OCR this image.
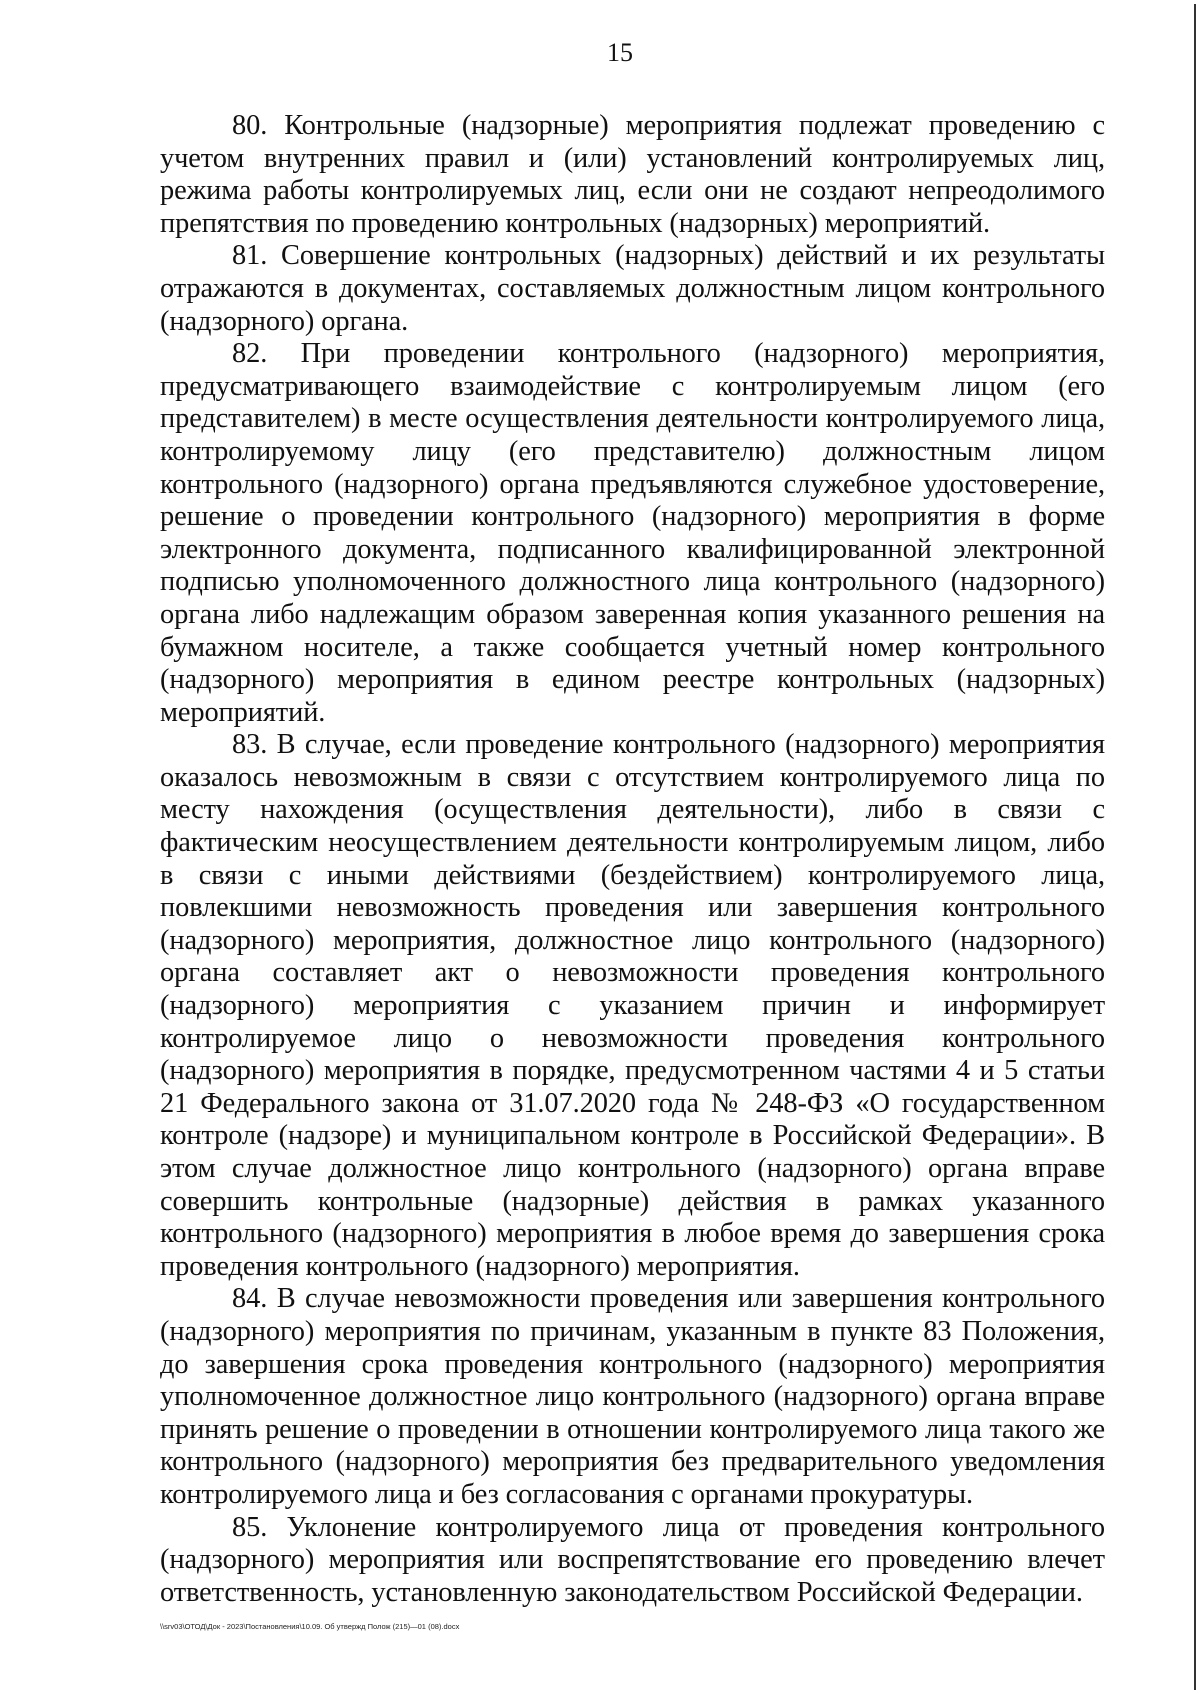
15

80. Контрольные (надзорные) мероприятия подлежат проведению с учетом внутренних правил и (или) установлений контролируемых лиц, режима работы контролируемых лиц, если они не создают непреодолимого препятствия по проведению контрольных (надзорных) мероприятий.

81. Совершение контрольных (надзорных) действий и их результаты отражаются в документах, составляемых должностным лицом контрольного (надзорного) органа.

82. При проведении контрольного (надзорного) мероприятия, предусматривающего взаимодействие с контролируемым лицом (его представителем) в месте осуществления деятельности контролируемого лица, контролируемому лицу (его представителю) должностным лицом контрольного (надзорного) органа предъявляются служебное удостоверение, решение о проведении контрольного (надзорного) мероприятия в форме электронного документа, подписанного квалифицированной электронной подписью уполномоченного должностного лица контрольного (надзорного) органа либо надлежащим образом заверенная копия указанного решения на бумажном носителе, а также сообщается учетный номер контрольного (надзорного) мероприятия в едином реестре контрольных (надзорных) мероприятий.

83. В случае, если проведение контрольного (надзорного) мероприятия оказалось невозможным в связи с отсутствием контролируемого лица по месту нахождения (осуществления деятельности), либо в связи с фактическим неосуществлением деятельности контролируемым лицом, либо в связи с иными действиями (бездействием) контролируемого лица, повлекшими невозможность проведения или завершения контрольного (надзорного) мероприятия, должностное лицо контрольного (надзорного) органа составляет акт о невозможности проведения контрольного (надзорного) мероприятия с указанием причин и информирует контролируемое лицо о невозможности проведения контрольного (надзорного) мероприятия в порядке, предусмотренном частями 4 и 5 статьи 21 Федерального закона от 31.07.2020 года № 248-ФЗ «О государственном контроле (надзоре) и муниципальном контроле в Российской Федерации». В этом случае должностное лицо контрольного (надзорного) органа вправе совершить контрольные (надзорные) действия в рамках указанного контрольного (надзорного) мероприятия в любое время до завершения срока проведения контрольного (надзорного) мероприятия.

84. В случае невозможности проведения или завершения контрольного (надзорного) мероприятия по причинам, указанным в пункте 83 Положения, до завершения срока проведения контрольного (надзорного) мероприятия уполномоченное должностное лицо контрольного (надзорного) органа вправе принять решение о проведении в отношении контролируемого лица такого же контрольного (надзорного) мероприятия без предварительного уведомления контролируемого лица и без согласования с органами прокуратуры.

85. Уклонение контролируемого лица от проведения контрольного (надзорного) мероприятия или воспрепятствование его проведению влечет ответственность, установленную законодательством Российской Федерации.

\\srv03\ОТОД\Док - 2023\Постановления\10.09. Об утвержд Полож (215)—01 (08).docx
